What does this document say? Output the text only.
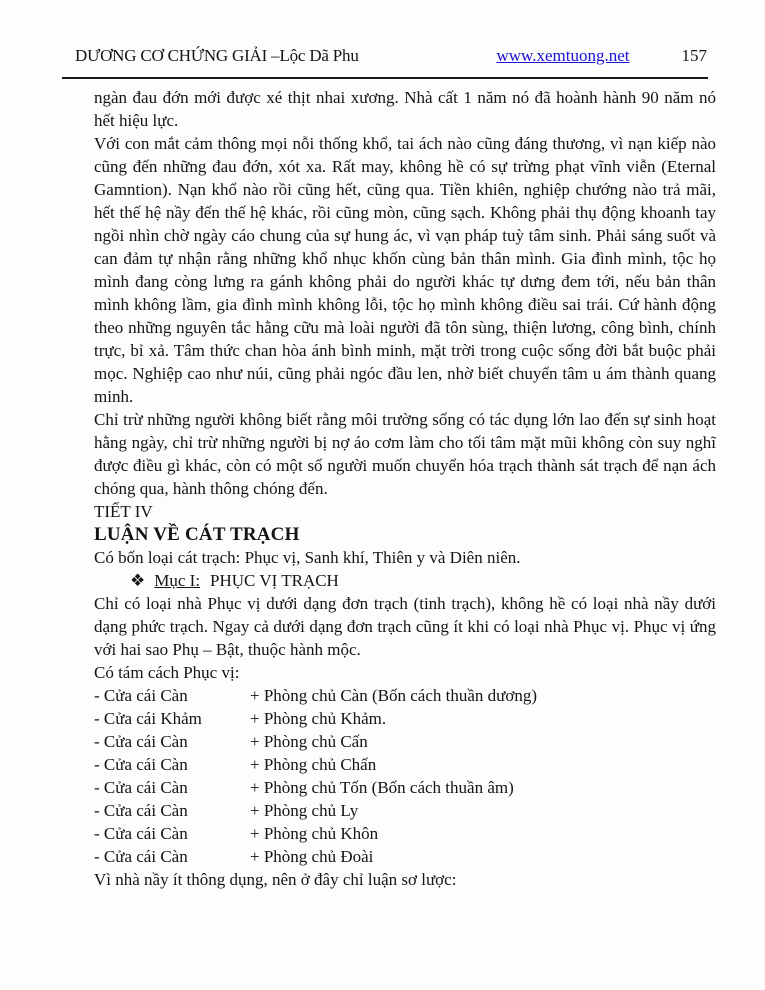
DƯƠNG CƠ CHỨNG GIẢI –Lộc Dã Phu	www.xemtuong.net	157

ngàn đau đớn mới được xé thịt nhai xương. Nhà cất 1 năm nó đã hoành hành 90 năm nó hết hiệu lực.

Với con mắt cảm thông mọi nỗi thống khổ, tai ách nào cũng đáng thương, vì nạn kiếp nào cũng đến những đau đớn, xót xa. Rất may, không hề có sự trừng phạt vĩnh viễn (Eternal Gamntion). Nạn khổ nào rồi cũng hết, cũng qua. Tiền khiên, nghiệp chướng nào trả mãi, hết thế hệ nầy đến thế hệ khác, rồi cũng mòn, cũng sạch. Không phải thụ động khoanh tay ngồi nhìn chờ ngày cáo chung của sự hung ác, vì vạn pháp tuỳ tâm sinh. Phải sáng suốt và can đảm tự nhận rằng những khổ nhục khốn cùng bản thân mình. Gia đình mình, tộc họ mình đang còng lưng ra gánh không phải do người khác tự dưng đem tới, nếu bản thân mình không lầm, gia đình mình không lỗi, tộc họ mình không điều sai trái. Cứ hành động theo những nguyên tắc hằng cữu mà loài người đã tôn sùng, thiện lương, công bình, chính trực, bỉ xả. Tâm thức chan hòa ánh bình minh, mặt trời trong cuộc sống đời bắt buộc phải mọc. Nghiệp cao như núi, cũng phải ngóc đầu len, nhờ biết chuyển tâm u ám thành quang minh.

Chỉ trừ những người không biết rằng môi trường sống có tác dụng lớn lao đến sự sinh hoạt hằng ngày, chỉ trừ những người bị nợ áo cơm làm cho tối tâm mặt mũi không còn suy nghĩ được điều gì khác, còn có một số người muốn chuyển hóa trạch thành sát trạch để nạn ách chóng qua, hành thông chóng đến.

TIẾT IV

LUẬN VỀ CÁT TRẠCH

Có bốn loại cát trạch: Phục vị, Sanh khí, Thiên y và Diên niên.

❖ Mục I: PHỤC VỊ TRẠCH

Chỉ có loại nhà Phục vị dưới dạng đơn trạch (tinh trạch), không hề có loại nhà nầy dưới dạng phức trạch. Ngay cả dưới dạng đơn trạch cũng ít khi có loại nhà Phục vị. Phục vị ứng với hai sao Phụ – Bật, thuộc hành mộc.

Có tám cách Phục vị:

- Cửa cái Càn	+ Phòng chủ Càn (Bốn cách thuần dương)
- Cửa cái Khảm	+ Phòng chủ Khảm.
- Cửa cái Càn	+ Phòng chủ Cấn
- Cửa cái Càn	+ Phòng chủ Chấn
- Cửa cái Càn	+ Phòng chủ Tốn (Bốn cách thuần âm)
- Cửa cái Càn	+ Phòng chủ Ly
- Cửa cái Càn	+ Phòng chủ Khôn
- Cửa cái Càn	+ Phòng chủ Đoài

Vì nhà nầy ít thông dụng, nên ở đây chỉ luận sơ lược:
